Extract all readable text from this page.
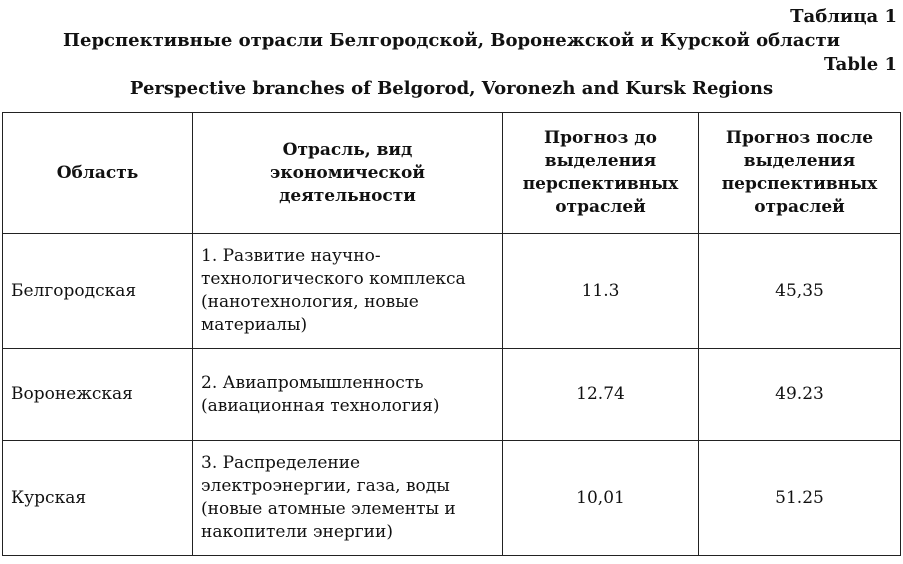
Таблица 1
Перспективные отрасли Белгородской, Воронежской и Курской области
Table 1
Perspective branches of Belgorod, Voronezh and Kursk Regions
Область	Отрасль, вид экономической деятельности	Прогноз до выделения перспективных отраслей	Прогноз после выделения перспективных отраслей
Белгородская	1. Развитие научно-технологического комплекса (нанотехнология, новые материалы)	11.3	45,35
Воронежская	2. Авиапромышленность (авиационная технология)	12.74	49.23
Курская	3. Распределение электроэнергии, газа, воды (новые атомные элементы и накопители энергии)	10,01	51.25
